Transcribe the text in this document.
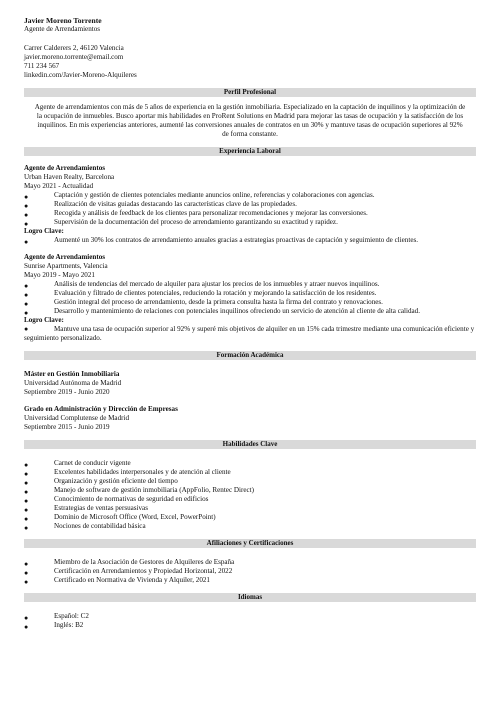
Javier Moreno Torrente
Agente de Arrendamientos
Carrer Calderers 2, 46120 Valencia
javier.moreno.torrente@email.com
711 234 567
linkedin.com/Javier-Moreno-Alquileres
Perfil Profesional
Agente de arrendamientos con más de 5 años de experiencia en la gestión inmobiliaria. Especializado en la captación de inquilinos y la optimización de la ocupación de inmuebles. Busco aportar mis habilidades en ProRent Solutions en Madrid para mejorar las tasas de ocupación y la satisfacción de los inquilinos. En mis experiencias anteriores, aumenté las conversiones anuales de contratos en un 30% y mantuve tasas de ocupación superiores al 92% de forma constante.
Experiencia Laboral
Agente de Arrendamientos
Urban Haven Realty, Barcelona
Mayo 2021 - Actualidad
●	Captación y gestión de clientes potenciales mediante anuncios online, referencias y colaboraciones con agencias.
●	Realización de visitas guiadas destacando las características clave de las propiedades.
●	Recogida y análisis de feedback de los clientes para personalizar recomendaciones y mejorar las conversiones.
●	Supervisión de la documentación del proceso de arrendamiento garantizando su exactitud y rapidez.
Logro Clave:
●	Aumenté un 30% los contratos de arrendamiento anuales gracias a estrategias proactivas de captación y seguimiento de clientes.
Agente de Arrendamientos
Sunrise Apartments, Valencia
Mayo 2019 - Mayo 2021
●	Análisis de tendencias del mercado de alquiler para ajustar los precios de los inmuebles y atraer nuevos inquilinos.
●	Evaluación y filtrado de clientes potenciales, reduciendo la rotación y mejorando la satisfacción de los residentes.
●	Gestión integral del proceso de arrendamiento, desde la primera consulta hasta la firma del contrato y renovaciones.
●	Desarrollo y mantenimiento de relaciones con potenciales inquilinos ofreciendo un servicio de atención al cliente de alta calidad.
Logro Clave:
●	Mantuve una tasa de ocupación superior al 92% y superé mis objetivos de alquiler en un 15% cada trimestre mediante una comunicación eficiente y seguimiento personalizado.
Formación Académica
Máster en Gestión Inmobiliaria
Universidad Autónoma de Madrid
Septiembre 2019 - Junio 2020
Grado en Administración y Dirección de Empresas
Universidad Complutense de Madrid
Septiembre 2015 - Junio 2019
Habilidades Clave
●	Carnet de conducir vigente
●	Excelentes habilidades interpersonales y de atención al cliente
●	Organización y gestión eficiente del tiempo
●	Manejo de software de gestión inmobiliaria (AppFolio, Rentec Direct)
●	Conocimiento de normativas de seguridad en edificios
●	Estrategias de ventas persuasivas
●	Dominio de Microsoft Office (Word, Excel, PowerPoint)
●	Nociones de contabilidad básica
Afiliaciones y Certificaciones
●	Miembro de la Asociación de Gestores de Alquileres de España
●	Certificación en Arrendamientos y Propiedad Horizontal, 2022
●	Certificado en Normativa de Vivienda y Alquiler, 2021
Idiomas
●	Español: C2
●	Inglés: B2
